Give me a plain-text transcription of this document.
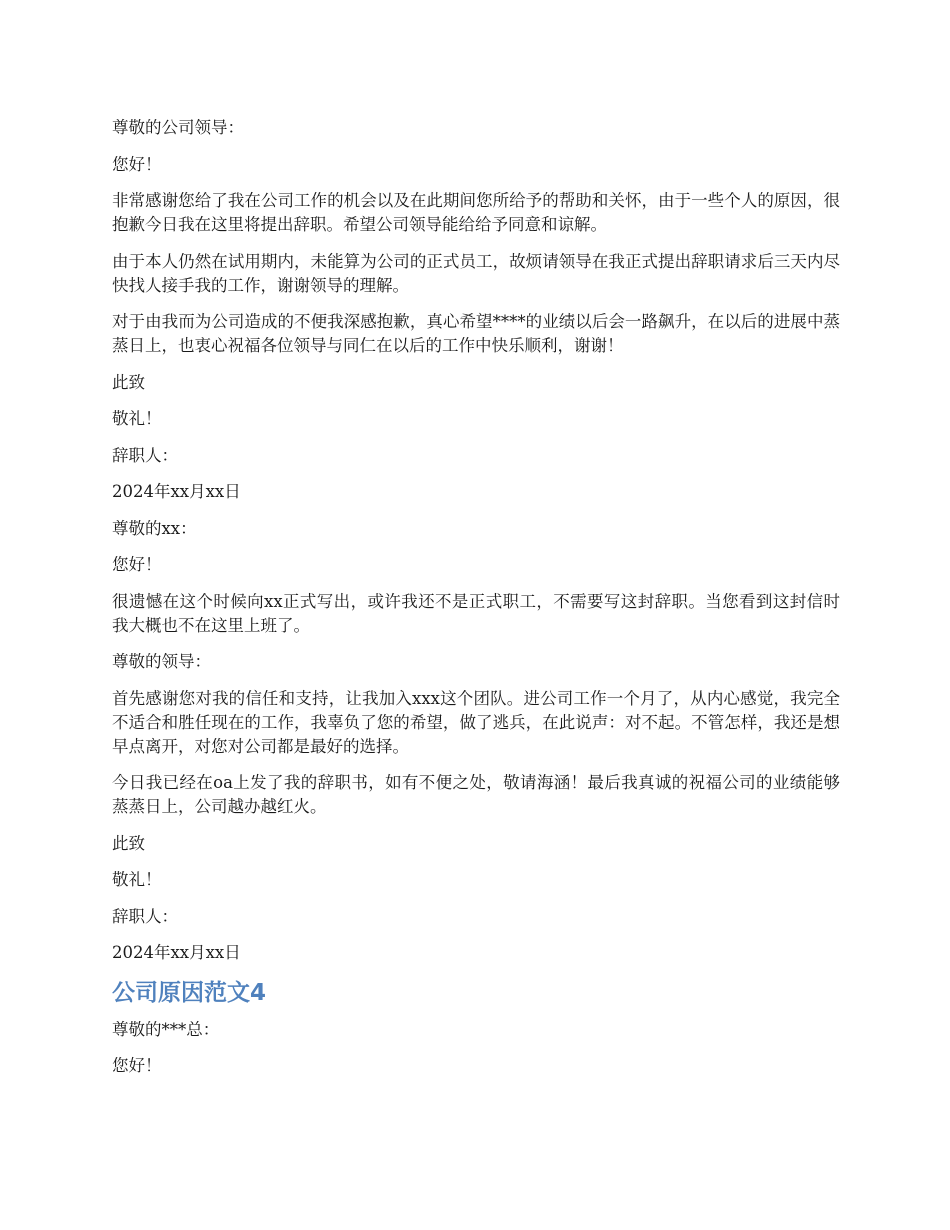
尊敬的公司领导：

您好！

非常感谢您给了我在公司工作的机会以及在此期间您所给予的帮助和关怀，由于一些个人的原因，很抱歉今日我在这里将提出辞职。希望公司领导能给给予同意和谅解。

由于本人仍然在试用期内，未能算为公司的正式员工，故烦请领导在我正式提出辞职请求后三天内尽快找人接手我的工作，谢谢领导的理解。

对于由我而为公司造成的不便我深感抱歉，真心希望****的业绩以后会一路飙升，在以后的进展中蒸蒸日上，也衷心祝福各位领导与同仁在以后的工作中快乐顺利，谢谢！

此致

敬礼！

辞职人：

2024年xx月xx日

尊敬的xx：

您好！

很遗憾在这个时候向xx正式写出，或许我还不是正式职工，不需要写这封辞职。当您看到这封信时我大概也不在这里上班了。

尊敬的领导：

首先感谢您对我的信任和支持，让我加入xxx这个团队。进公司工作一个月了，从内心感觉，我完全不适合和胜任现在的工作，我辜负了您的希望，做了逃兵，在此说声：对不起。不管怎样，我还是想早点离开，对您对公司都是最好的选择。

今日我已经在oa上发了我的辞职书，如有不便之处，敬请海涵！最后我真诚的祝福公司的业绩能够蒸蒸日上，公司越办越红火。

此致

敬礼！

辞职人：

2024年xx月xx日

公司原因范文4

尊敬的***总：

您好！
